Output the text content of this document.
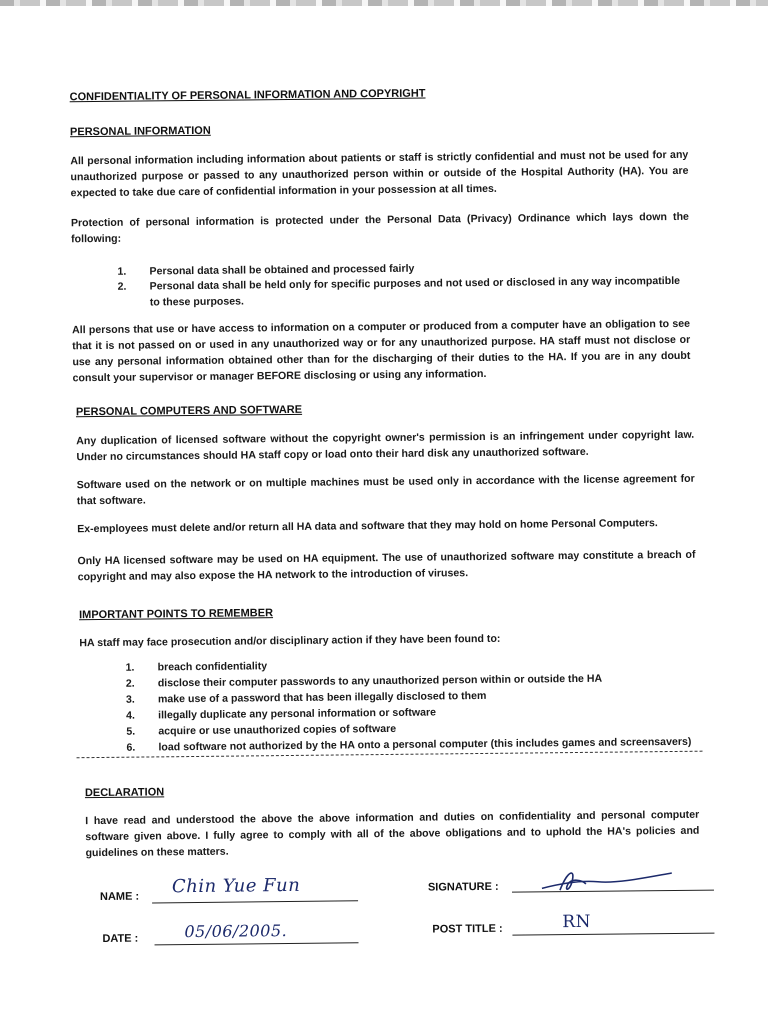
CONFIDENTIALITY OF PERSONAL INFORMATION AND COPYRIGHT
PERSONAL INFORMATION
All personal information including information about patients or staff is strictly confidential and must not be used for any unauthorized purpose or passed to any unauthorized person within or outside of the Hospital Authority (HA). You are expected to take due care of confidential information in your possession at all times.
Protection of personal information is protected under the Personal Data (Privacy) Ordinance which lays down the following:
1. Personal data shall be obtained and processed fairly
2. Personal data shall be held only for specific purposes and not used or disclosed in any way incompatible to these purposes.
All persons that use or have access to information on a computer or produced from a computer have an obligation to see that it is not passed on or used in any unauthorized way or for any unauthorized purpose. HA staff must not disclose or use any personal information obtained other than for the discharging of their duties to the HA. If you are in any doubt consult your supervisor or manager BEFORE disclosing or using any information.
PERSONAL COMPUTERS AND SOFTWARE
Any duplication of licensed software without the copyright owner's permission is an infringement under copyright law. Under no circumstances should HA staff copy or load onto their hard disk any unauthorized software.
Software used on the network or on multiple machines must be used only in accordance with the license agreement for that software.
Ex-employees must delete and/or return all HA data and software that they may hold on home Personal Computers.
Only HA licensed software may be used on HA equipment. The use of unauthorized software may constitute a breach of copyright and may also expose the HA network to the introduction of viruses.
IMPORTANT POINTS TO REMEMBER
HA staff may face prosecution and/or disciplinary action if they have been found to:
1. breach confidentiality
2. disclose their computer passwords to any unauthorized person within or outside the HA
3. make use of a password that has been illegally disclosed to them
4. illegally duplicate any personal information or software
5. acquire or use unauthorized copies of software
6. load software not authorized by the HA onto a personal computer (this includes games and screensavers)
DECLARATION
I have read and understood the above the above information and duties on confidentiality and personal computer software given above. I fully agree to comply with all of the above obligations and to uphold the HA's policies and guidelines on these matters.
NAME : Chin Yue Fun	SIGNATURE :
DATE :	05/06/2005.	POST TITLE :	RN
